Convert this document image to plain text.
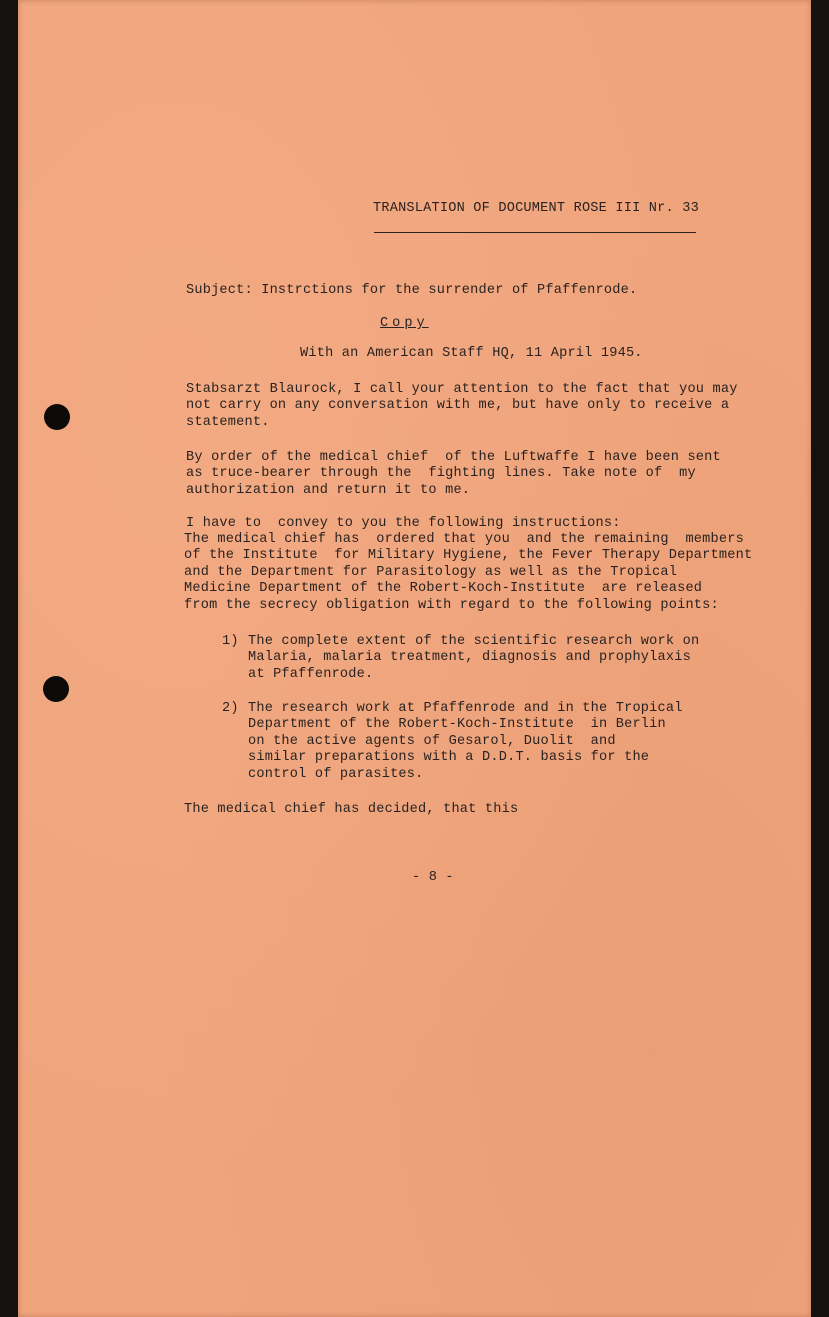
TRANSLATION OF DOCUMENT ROSE III Nr. 33
Subject: Instrctions for the surrender of Pfaffenrode.
Copy
With an American Staff HQ, 11 April 1945.
Stabsarzt Blaurock, I call your attention to the fact that you may
not carry on any conversation with me, but have only to receive a
statement.
By order of the medical chief  of the Luftwaffe I have been sent
as truce-bearer through the  fighting lines. Take note of  my
authorization and return it to me.
I have to  convey to you the following instructions:
The medical chief has  ordered that you  and the remaining  members
of the Institute  for Military Hygiene, the Fever Therapy Department
and the Department for Parasitology as well as the Tropical
Medicine Department of the Robert-Koch-Institute  are released
from the secrecy obligation with regard to the following points:
1) The complete extent of the scientific research work on
Malaria, malaria treatment, diagnosis and prophylaxis
at Pfaffenrode.
2) The research work at Pfaffenrode and in the Tropical
Department of the Robert-Koch-Institute  in Berlin
on the active agents of Gesarol, Duolit  and
similar preparations with a D.D.T. basis for the
control of parasites.
The medical chief has decided, that this
- 8 -
